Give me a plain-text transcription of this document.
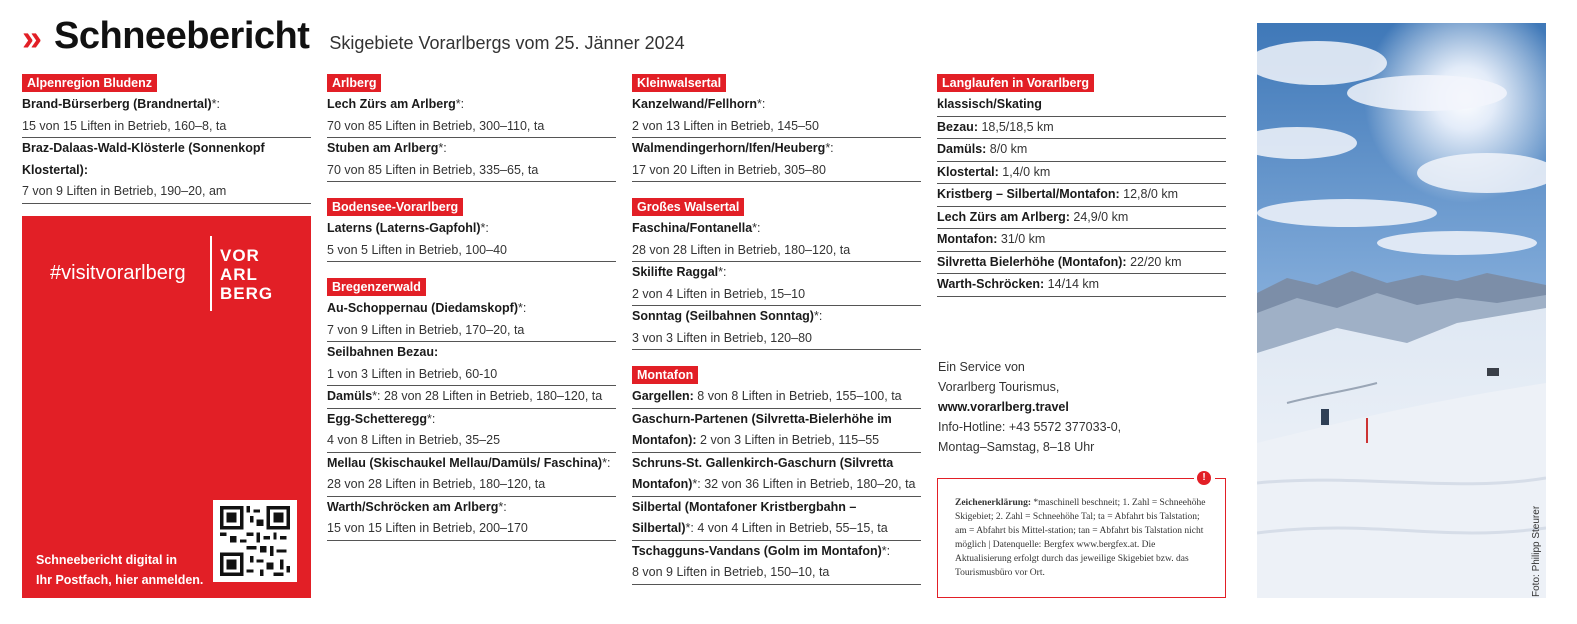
» Schneebericht Skigebiete Vorarlbergs vom 25. Jänner 2024
Alpenregion Bludenz
Brand-Bürserberg (Brandnertal)*:
15 von 15 Liften in Betrieb, 160–8, ta
Braz-Dalaas-Wald-Klösterle (Sonnenkopf Klostertal):
7 von 9 Liften in Betrieb, 190–20, am
Arlberg
Lech Zürs am Arlberg*:
70 von 85 Liften in Betrieb, 300–110, ta
Stuben am Arlberg*:
70 von 85 Liften in Betrieb, 335–65, ta
Bodensee-Vorarlberg
Laterns (Laterns-Gapfohl)*:
5 von 5 Liften in Betrieb, 100–40
Bregenzerwald
Au-Schoppernau (Diedamskopf)*:
7 von 9 Liften in Betrieb, 170–20, ta
Seilbahnen Bezau:
1 von 3 Liften in Betrieb, 60-10
Damüls*: 28 von 28 Liften in Betrieb, 180–120, ta
Egg-Schetteregg*:
4 von 8 Liften in Betrieb, 35–25
Mellau (Skischaukel Mellau/Damüls/ Faschina)*: 28 von 28 Liften in Betrieb, 180–120, ta
Warth/Schröcken am Arlberg*:
15 von 15 Liften in Betrieb, 200–170
Kleinwalsertal
Kanzelwand/Fellhorn*:
2 von 13 Liften in Betrieb, 145–50
Walmendingerhorn/Ifen/Heuberg*:
17 von 20 Liften in Betrieb, 305–80
Großes Walsertal
Faschina/Fontanella*:
28 von 28 Liften in Betrieb, 180–120, ta
Skilifte Raggal*:
2 von 4 Liften in Betrieb, 15–10
Sonntag (Seilbahnen Sonntag)*:
3 von 3 Liften in Betrieb, 120–80
Montafon
Gargellen: 8 von 8 Liften in Betrieb, 155–100, ta
Gaschurn-Partenen (Silvretta-Bielerhöhe im Montafon): 2 von 3 Liften in Betrieb, 115–55
Schruns-St. Gallenkirch-Gaschurn (Silvretta Montafon)*: 32 von 36 Liften in Betrieb, 180–20, ta
Silbertal (Montafoner Kristbergbahn – Silbertal)*: 4 von 4 Liften in Betrieb, 55–15, ta
Tschagguns-Vandans (Golm im Montafon)*:
8 von 9 Liften in Betrieb, 150–10, ta
Langlaufen in Vorarlberg
klassisch/Skating
Bezau: 18,5/18,5 km
Damüls: 8/0 km
Klostertal: 1,4/0 km
Kristberg – Silbertal/Montafon: 12,8/0 km
Lech Zürs am Arlberg: 24,9/0 km
Montafon: 31/0 km
Silvretta Bielerhöhe (Montafon): 22/20 km
Warth-Schröcken: 14/14 km
#visitvorarlberg
VOR
ARL
BERG
Schneebericht digital in
Ihr Postfach, hier anmelden.
Ein Service von
Vorarlberg Tourismus,
www.vorarlberg.travel
Info-Hotline: +43 5572 377033-0,
Montag–Samstag, 8–18 Uhr
!
Zeichenerklärung: *maschinell beschneit; 1. Zahl = Schneehöhe Skigebiet; 2. Zahl = Schneehöhe Tal; ta = Abfahrt bis Talstation; am = Abfahrt bis Mittel-station; tan = Abfahrt bis Talstation nicht möglich | Datenquelle: Bergfex www.bergfex.at. Die Aktualisierung erfolgt durch das jeweilige Skigebiet bzw. das Tourismusbüro vor Ort.	Foto: Philipp Steurer
